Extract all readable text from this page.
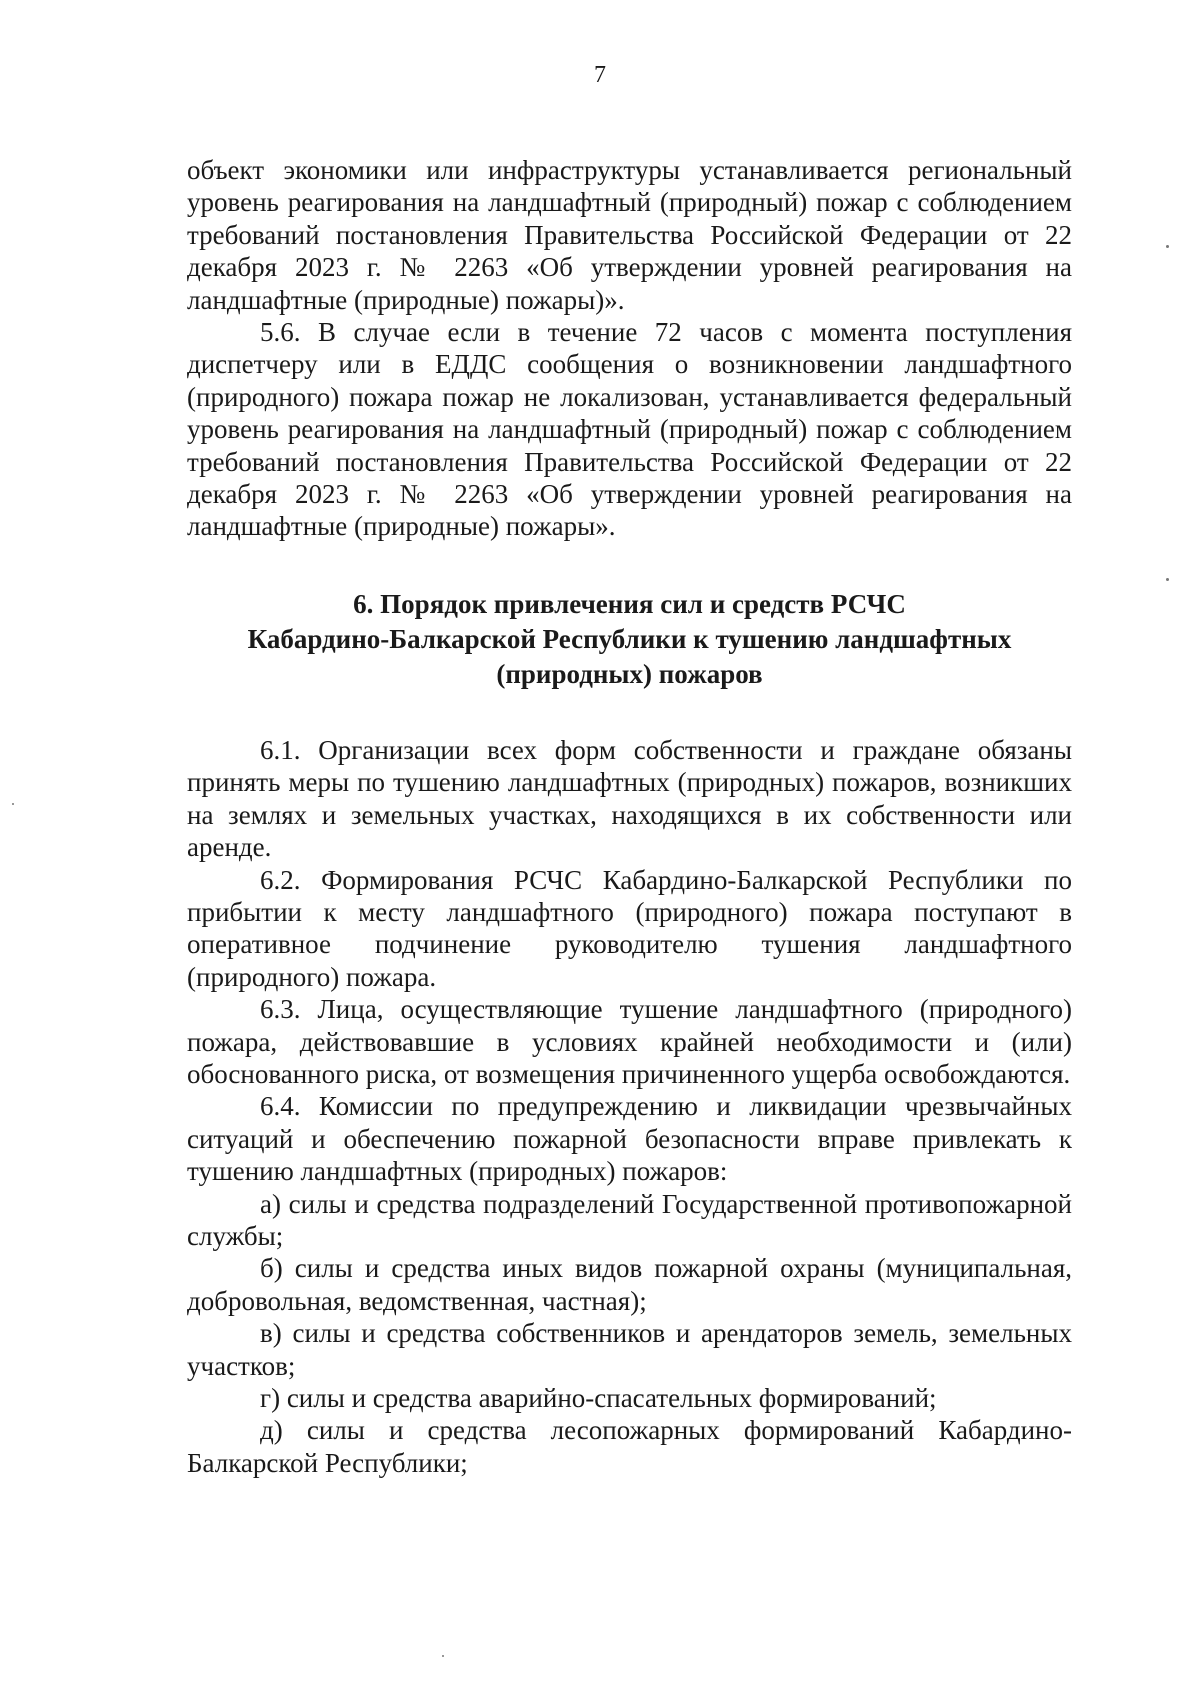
7

объект экономики или инфраструктуры устанавливается региональный уровень реагирования на ландшафтный (природный) пожар с соблюдением требований постановления Правительства Российской Федерации от 22 декабря 2023 г. № 2263 «Об утверждении уровней реагирования на ландшафтные (природные) пожары)».

5.6. В случае если в течение 72 часов с момента поступления диспетчеру или в ЕДДС сообщения о возникновении ландшафтного (природного) пожара пожар не локализован, устанавливается федеральный уровень реагирования на ландшафтный (природный) пожар с соблюдением требований постановления Правительства Российской Федерации от 22 декабря 2023 г. № 2263 «Об утверждении уровней реагирования на ландшафтные (природные) пожары».

6. Порядок привлечения сил и средств РСЧС
Кабардино-Балкарской Республики к тушению ландшафтных
(природных) пожаров

6.1. Организации всех форм собственности и граждане обязаны принять меры по тушению ландшафтных (природных) пожаров, возникших на землях и земельных участках, находящихся в их собственности или аренде.

6.2. Формирования РСЧС Кабардино-Балкарской Республики по прибытии к месту ландшафтного (природного) пожара поступают в оперативное подчинение руководителю тушения ландшафтного (природного) пожара.

6.3. Лица, осуществляющие тушение ландшафтного (природного) пожара, действовавшие в условиях крайней необходимости и (или) обоснованного риска, от возмещения причиненного ущерба освобождаются.

6.4. Комиссии по предупреждению и ликвидации чрезвычайных ситуаций и обеспечению пожарной безопасности вправе привлекать к тушению ландшафтных (природных) пожаров:

а) силы и средства подразделений Государственной противопожарной службы;

б) силы и средства иных видов пожарной охраны (муниципальная, добровольная, ведомственная, частная);

в) силы и средства собственников и арендаторов земель, земельных участков;

г) силы и средства аварийно-спасательных формирований;

д) силы и средства лесопожарных формирований Кабардино-Балкарской Республики;
